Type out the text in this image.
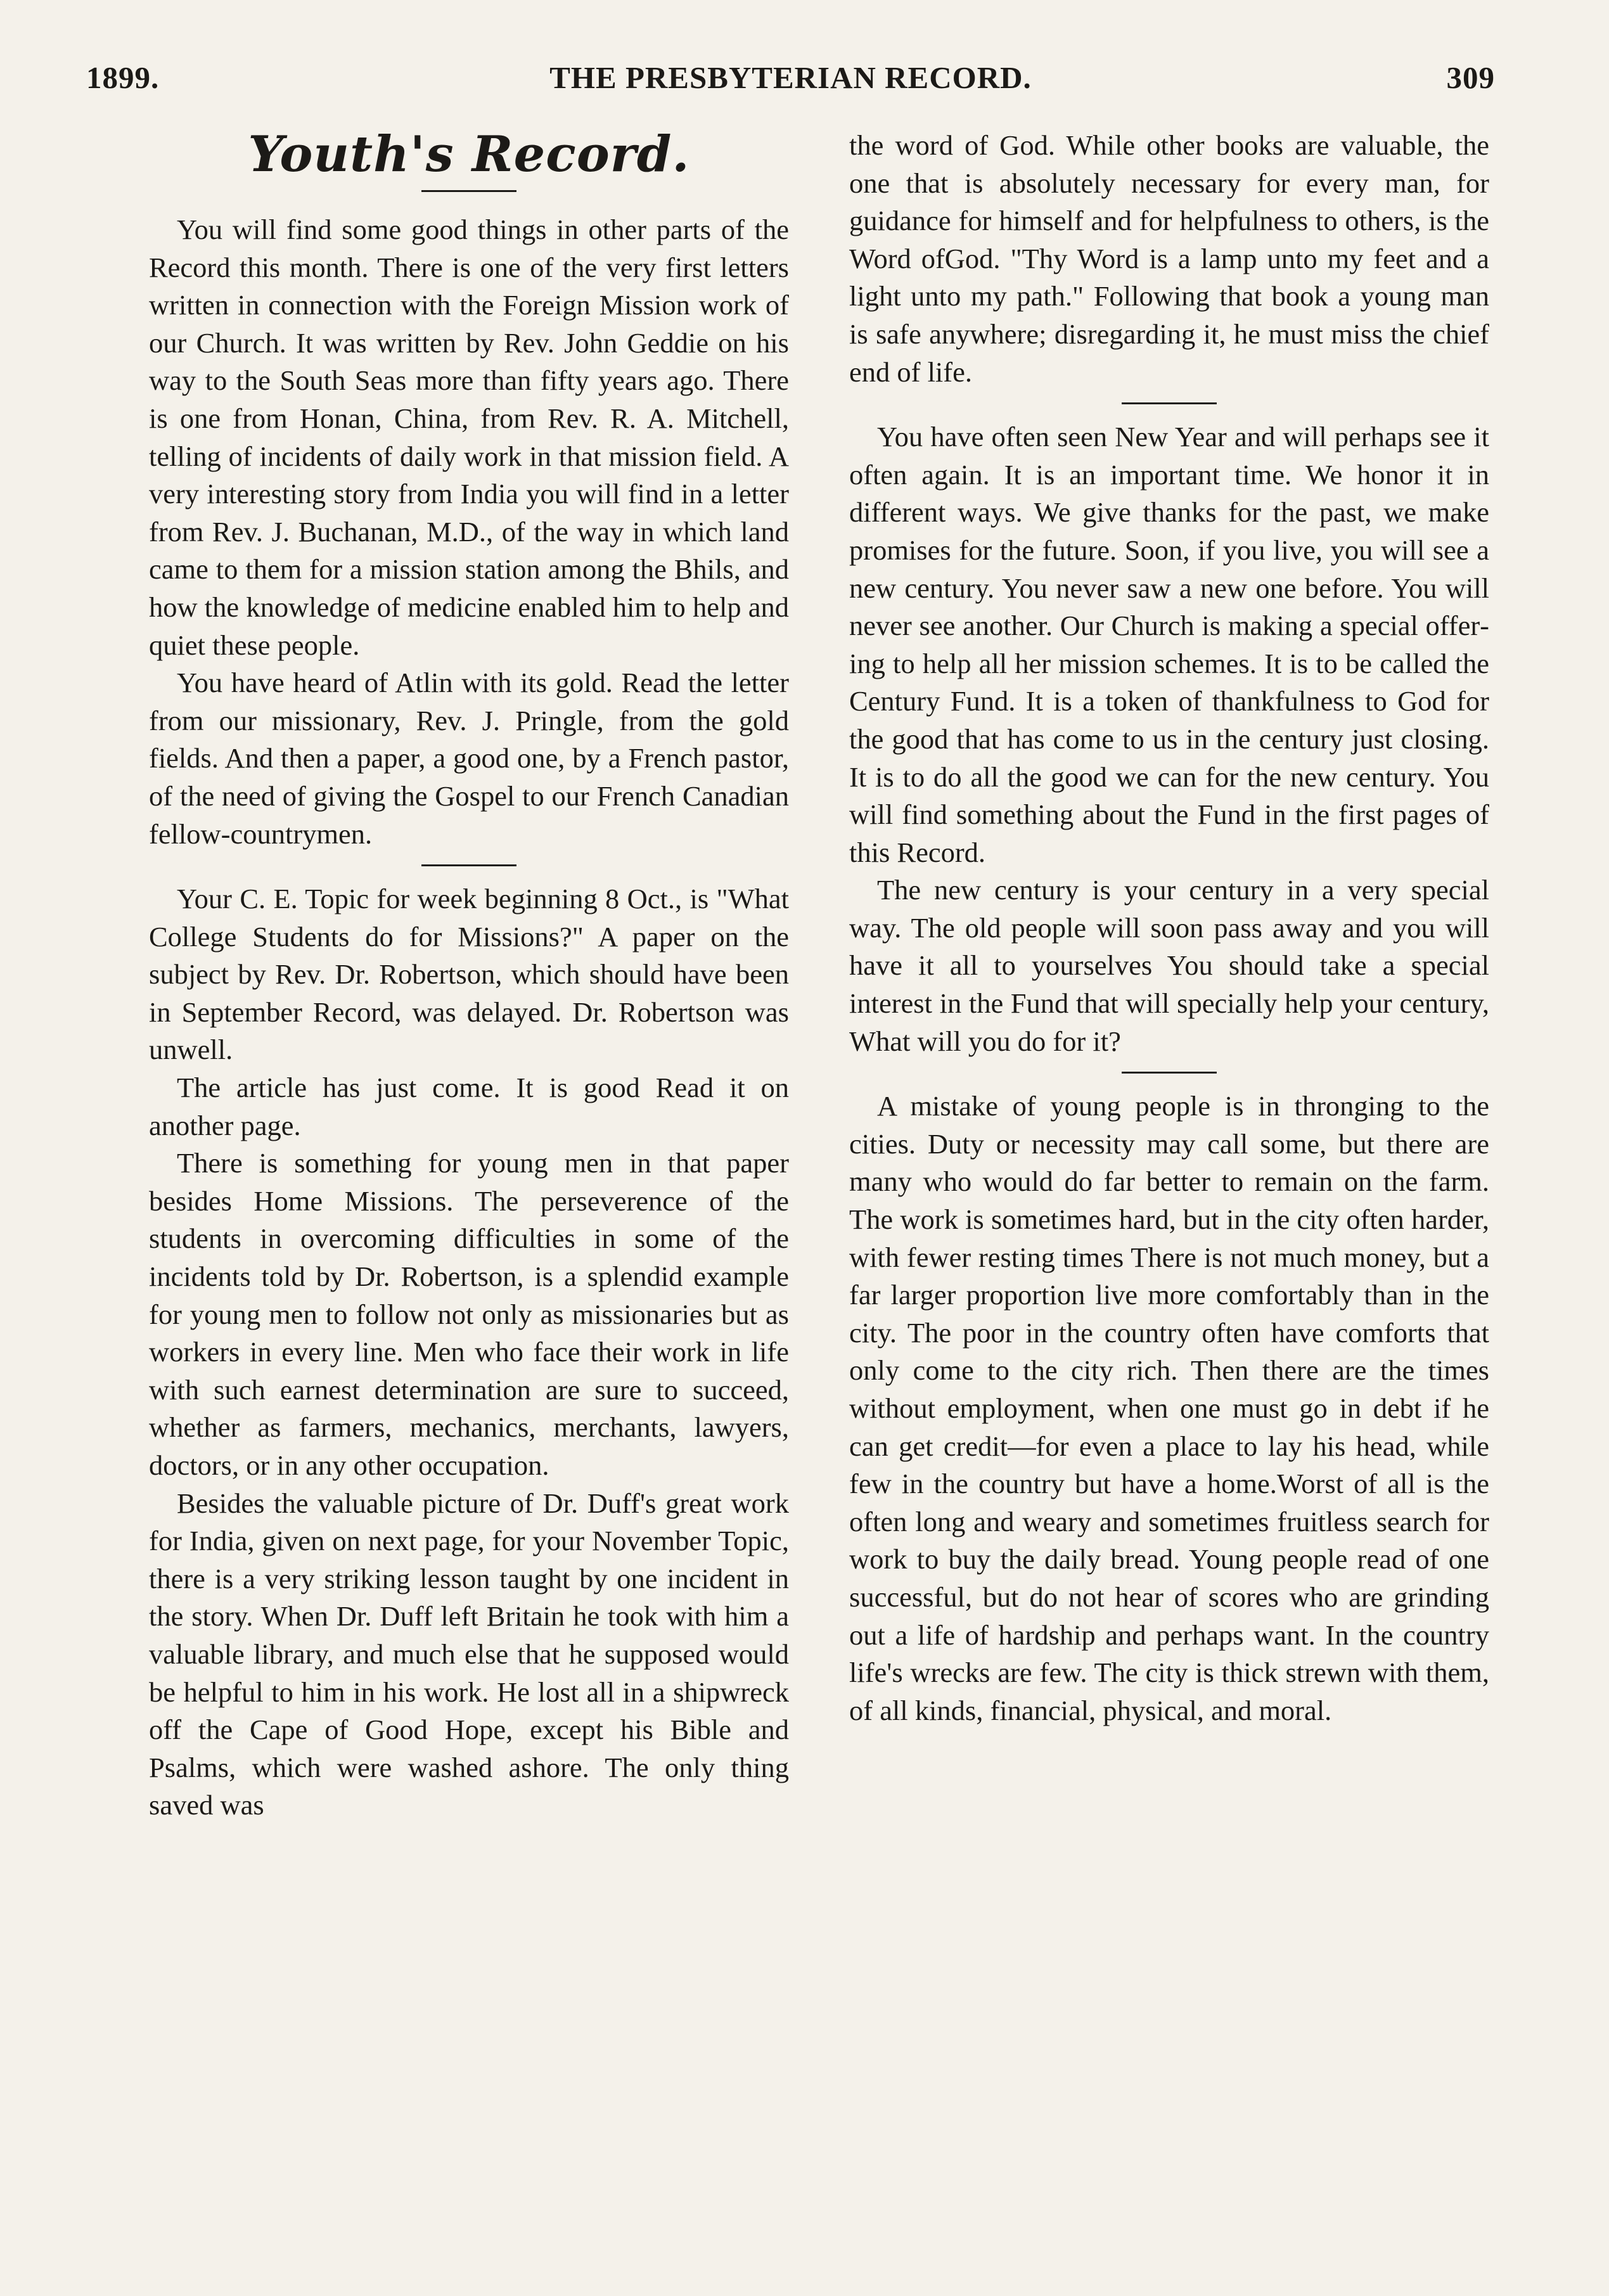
1899.	THE PRESBYTERIAN RECORD.	309
Youth's Record.

You will find some good things in other parts of the Record this month. There is one of the very first letters written in connection with the Foreign Mission work of our Church. It was written by Rev. John Geddie on his way to the South Seas more than fifty years ago. There is one from Honan, China, from Rev. R. A. Mitchell, telling of incidents of daily work in that mission field. A very interesting story from India you will find in a letter from Rev. J. Buchanan, M.D., of the way in which land came to them for a mission station among the Bhils, and how the knowledge of medicine enabled him to help and quiet these people.

You have heard of Atlin with its gold. Read the letter from our missionary, Rev. J. Pringle, from the gold fields. And then a paper, a good one, by a French pastor, of the need of giving the Gospel to our French Canadian fellow-countrymen.

Your C. E. Topic for week beginning 8 Oct., is "What College Students do for Missions?" A paper on the subject by Rev. Dr. Robertson, which should have been in September Record, was delayed. Dr. Robertson was unwell.

The article has just come. It is good Read it on another page.

There is something for young men in that paper besides Home Missions. The perseverence of the students in overcoming difficulties in some of the incidents told by Dr. Robertson, is a splendid example for young men to follow not only as missionaries but as workers in every line. Men who face their work in life with such earnest determination are sure to succeed, whether as farmers, mechanics, merchants, lawyers, doctors, or in any other occupation.

Besides the valuable picture of Dr. Duff's great work for India, given on next page, for your November Topic, there is a very striking lesson taught by one incident in the story. When Dr. Duff left Britain he took with him a valuable library, and much else that he supposed would be helpful to him in his work. He lost all in a shipwreck off the Cape of Good Hope, except his Bible and Psalms, which were washed ashore. The only thing saved was

the word of God. While other books are valuable, the one that is absolutely necessary for every man, for guidance for himself and for helpfulness to others, is the Word ofGod. "Thy Word is a lamp unto my feet and a light unto my path." Following that book a young man is safe anywhere; disregarding it, he must miss the chief end of life.

You have often seen New Year and will perhaps see it often again. It is an important time. We honor it in different ways. We give thanks for the past, we make promises for the future. Soon, if you live, you will see a new century. You never saw a new one before. You will never see another. Our Church is making a special offering to help all her mission schemes. It is to be called the Century Fund. It is a token of thankfulness to God for the good that has come to us in the century just closing. It is to do all the good we can for the new century. You will find something about the Fund in the first pages of this Record.

The new century is your century in a very special way. The old people will soon pass away and you will have it all to yourselves You should take a special interest in the Fund that will specially help your century, What will you do for it?

A mistake of young people is in thronging to the cities. Duty or necessity may call some, but there are many who would do far better to remain on the farm. The work is sometimes hard, but in the city often harder, with fewer resting times There is not much money, but a far larger proportion live more comfortably than in the city. The poor in the country often have comforts that only come to the city rich. Then there are the times without employment, when one must go in debt if he can get credit—for even a place to lay his head, while few in the country but have a home.Worst of all is the often long and weary and sometimes fruitless search for work to buy the daily bread. Young people read of one successful, but do not hear of scores who are grinding out a life of hardship and perhaps want. In the country life's wrecks are few. The city is thick strewn with them, of all kinds, financial, physical, and moral.
